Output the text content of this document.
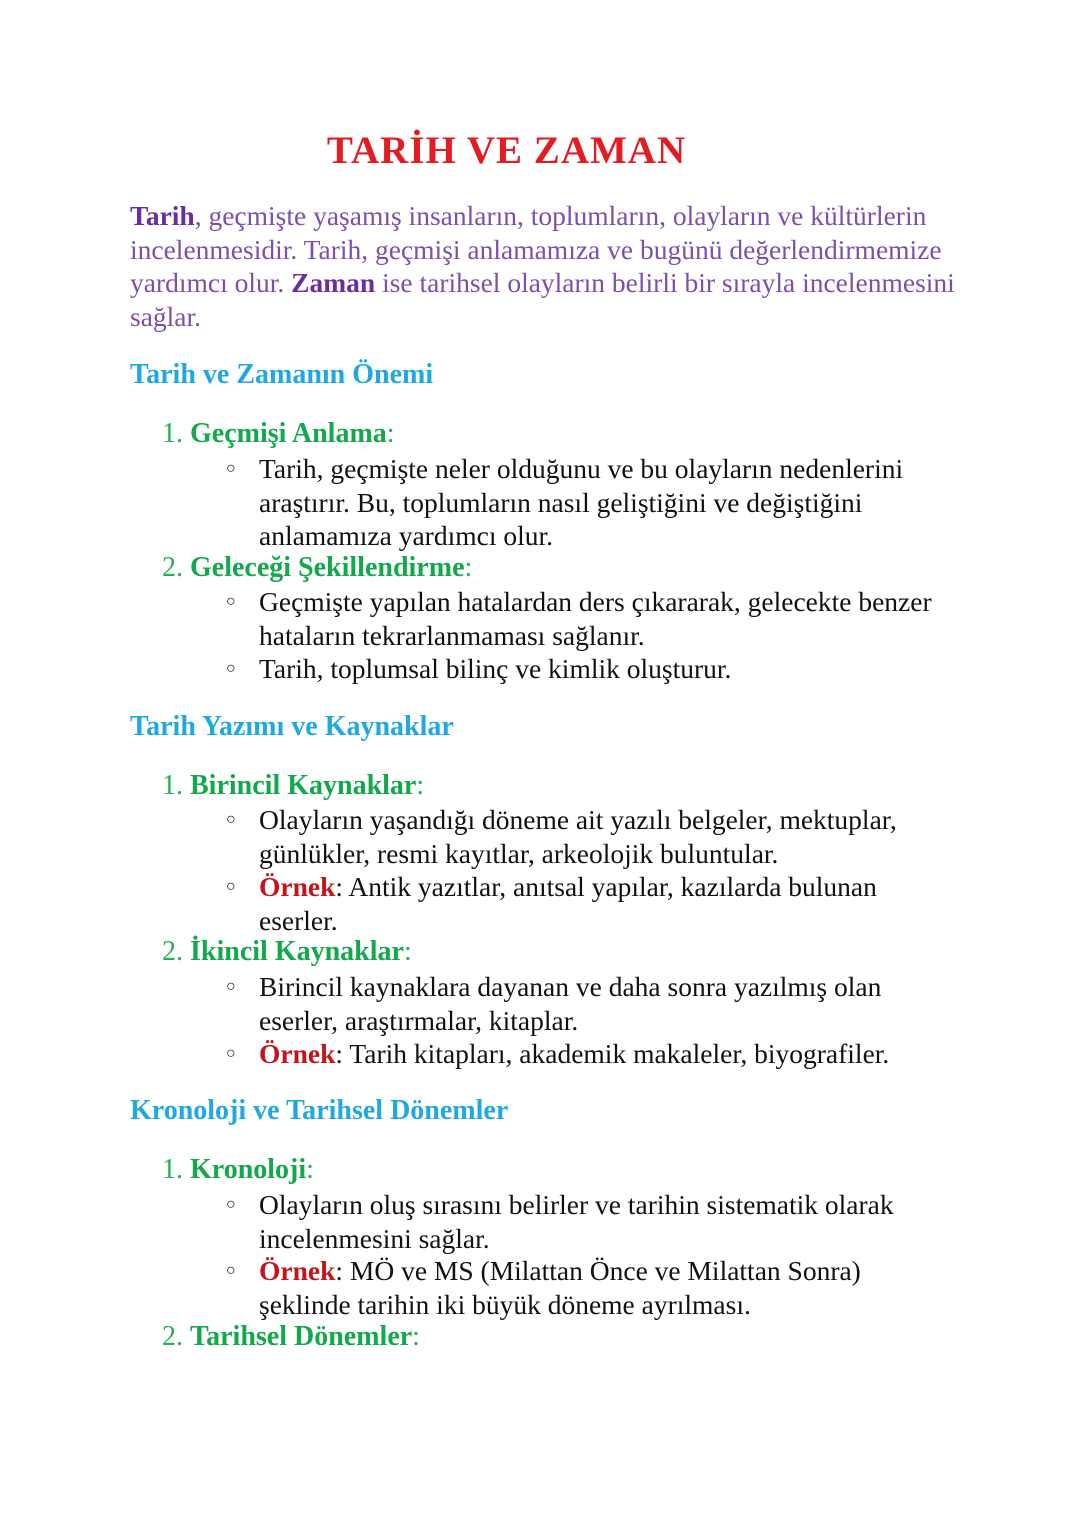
TARİH VE ZAMAN

Tarih, geçmişte yaşamış insanların, toplumların, olayların ve kültürlerin incelenmesidir. Tarih, geçmişi anlamamıza ve bugünü değerlendirmemize yardımcı olur. Zaman ise tarihsel olayların belirli bir sırayla incelenmesini sağlar.

Tarih ve Zamanın Önemi

1. Geçmişi Anlama:

○ Tarih, geçmişte neler olduğunu ve bu olayların nedenlerini araştırır. Bu, toplumların nasıl geliştiğini ve değiştiğini anlamamıza yardımcı olur.

2. Geleceği Şekillendirme:

○ Geçmişte yapılan hatalardan ders çıkararak, gelecekte benzer hataların tekrarlanmaması sağlanır.

○ Tarih, toplumsal bilinç ve kimlik oluşturur.

Tarih Yazımı ve Kaynaklar

1. Birincil Kaynaklar:

○ Olayların yaşandığı döneme ait yazılı belgeler, mektuplar, günlükler, resmi kayıtlar, arkeolojik buluntular.

○ Örnek: Antik yazıtlar, anıtsal yapılar, kazılarda bulunan eserler.

2. İkincil Kaynaklar:

○ Birincil kaynaklara dayanan ve daha sonra yazılmış olan eserler, araştırmalar, kitaplar.

○ Örnek: Tarih kitapları, akademik makaleler, biyografiler.

Kronoloji ve Tarihsel Dönemler

1. Kronoloji:

○ Olayların oluş sırasını belirler ve tarihin sistematik olarak incelenmesini sağlar.

○ Örnek: MÖ ve MS (Milattan Önce ve Milattan Sonra) şeklinde tarihin iki büyük döneme ayrılması.

2. Tarihsel Dönemler:
